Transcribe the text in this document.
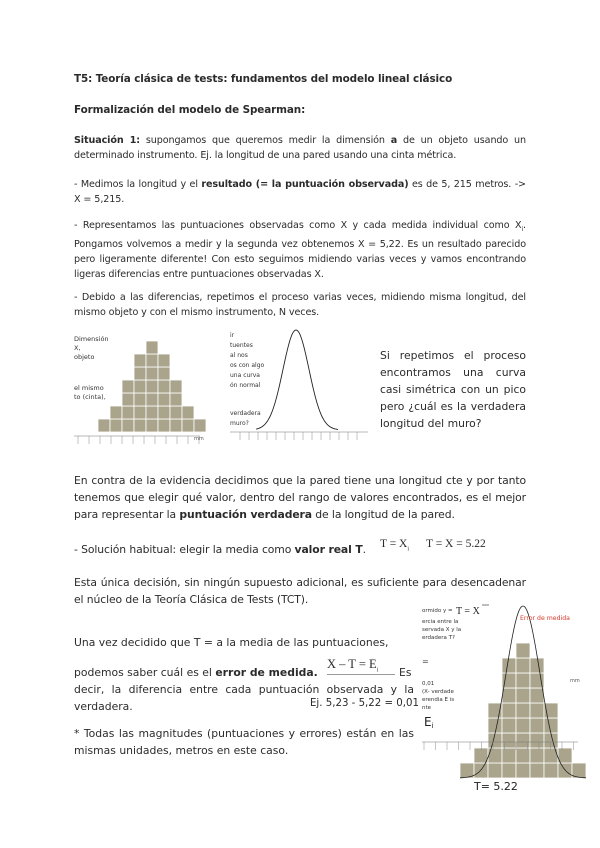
T5: Teoría clásica de tests: fundamentos del modelo lineal clásico
Formalización del modelo de Spearman:
Situación 1: supongamos que queremos medir la dimensión a de un objeto usando un determinado instrumento. Ej. la longitud de una pared usando una cinta métrica.
- Medimos la longitud y el resultado (= la puntuación observada) es de 5, 215 metros. -> X = 5,215.
- Representamos las puntuaciones observadas como X y cada medida individual como $X_i$. Pongamos volvemos a medir y la segunda vez obtenemos X = 5,22. Es un resultado parecido pero ligeramente diferente! Con esto seguimos midiendo varias veces y vamos encontrando ligeras diferencias entre puntuaciones observadas X.
- Debido a las diferencias, repetimos el proceso varias veces, midiendo misma longitud, del mismo objeto y con el mismo instrumento, N veces.
Dimensión
X,
objeto
el mismo
to (cinta),
mm
ir
tuentes
al nos
os con algo
una curva
ón normal
verdadera
muro?
Si repetimos el proceso encontramos una curva casi simétrica con un pico pero ¿cuál es la verdadera longitud del muro?
En contra de la evidencia decidimos que la pared tiene una longitud cte y por tanto tenemos que elegir qué valor, dentro del rango de valores encontrados, es el mejor para representar la puntuación verdadera de la longitud de la pared.
- Solución habitual: elegir la media como valor real T.	$T = X_i$ T = X = 5.22
Esta única decisión, sin ningún supuesto adicional, es suficiente para desencadenar el núcleo de la Teoría Clásica de Tests (TCT).
Una vez decidido que T = a la media de las puntuaciones,
podemos saber cuál es el error de medida.
$X - T = E_i$ Es
decir, la diferencia entre cada puntuación observada y la verdadera.	Ej. 5,23 - 5,22 = 0,01
* Todas las magnitudes (puntuaciones y errores) están en las mismas unidades, metros en este caso.
ormido y = T = X
ercia entre la
servada X y la
erdadera T?
=
Error de medida
0,01
(X- verdade
erendia E is
nte
mm
Ei
T= 5.22
